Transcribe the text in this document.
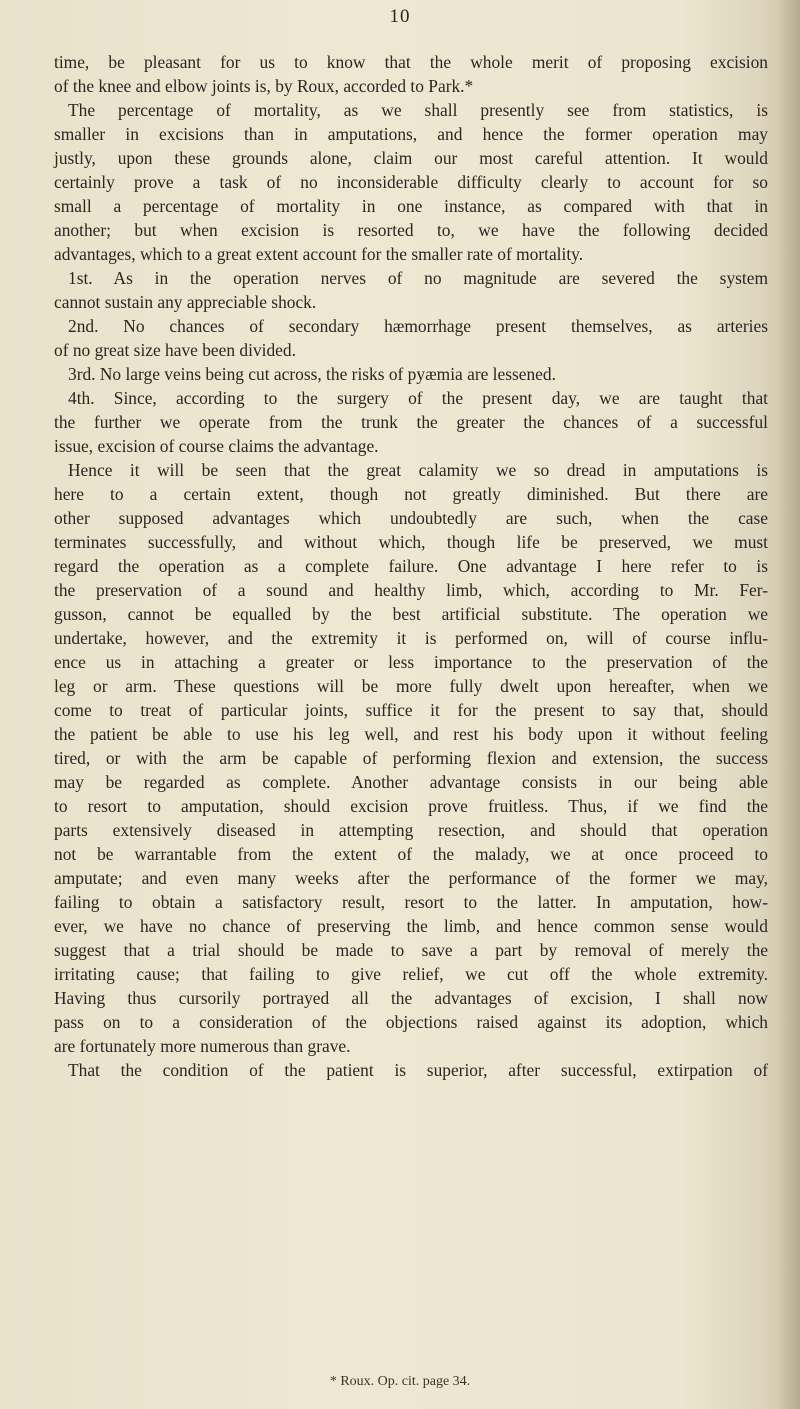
10
time, be pleasant for us to know that the whole merit of proposing excision
of the knee and elbow joints is, by Roux, accorded to Park.*
The percentage of mortality, as we shall presently see from statistics, is
smaller in excisions than in amputations, and hence the former operation may
justly, upon these grounds alone, claim our most careful attention. It would
certainly prove a task of no inconsiderable difficulty clearly to account for so
small a percentage of mortality in one instance, as compared with that in
another; but when excision is resorted to, we have the following decided
advantages, which to a great extent account for the smaller rate of mortality.
1st. As in the operation nerves of no magnitude are severed the system
cannot sustain any appreciable shock.
2nd. No chances of secondary hæmorrhage present themselves, as arteries
of no great size have been divided.
3rd. No large veins being cut across, the risks of pyæmia are lessened.
4th. Since, according to the surgery of the present day, we are taught that
the further we operate from the trunk the greater the chances of a successful
issue, excision of course claims the advantage.
Hence it will be seen that the great calamity we so dread in amputations is
here to a certain extent, though not greatly diminished. But there are
other supposed advantages which undoubtedly are such, when the case
terminates successfully, and without which, though life be preserved, we must
regard the operation as a complete failure. One advantage I here refer to is
the preservation of a sound and healthy limb, which, according to Mr. Fer-
gusson, cannot be equalled by the best artificial substitute. The operation we
undertake, however, and the extremity it is performed on, will of course influ-
ence us in attaching a greater or less importance to the preservation of the
leg or arm. These questions will be more fully dwelt upon hereafter, when we
come to treat of particular joints, suffice it for the present to say that, should
the patient be able to use his leg well, and rest his body upon it without feeling
tired, or with the arm be capable of performing flexion and extension, the success
may be regarded as complete. Another advantage consists in our being able
to resort to amputation, should excision prove fruitless. Thus, if we find the
parts extensively diseased in attempting resection, and should that operation
not be warrantable from the extent of the malady, we at once proceed to
amputate; and even many weeks after the performance of the former we may,
failing to obtain a satisfactory result, resort to the latter. In amputation, how-
ever, we have no chance of preserving the limb, and hence common sense would
suggest that a trial should be made to save a part by removal of merely the
irritating cause; that failing to give relief, we cut off the whole extremity.
Having thus cursorily portrayed all the advantages of excision, I shall now
pass on to a consideration of the objections raised against its adoption, which
are fortunately more numerous than grave.
That the condition of the patient is superior, after successful, extirpation of
* Roux. Op. cit. page 34.
